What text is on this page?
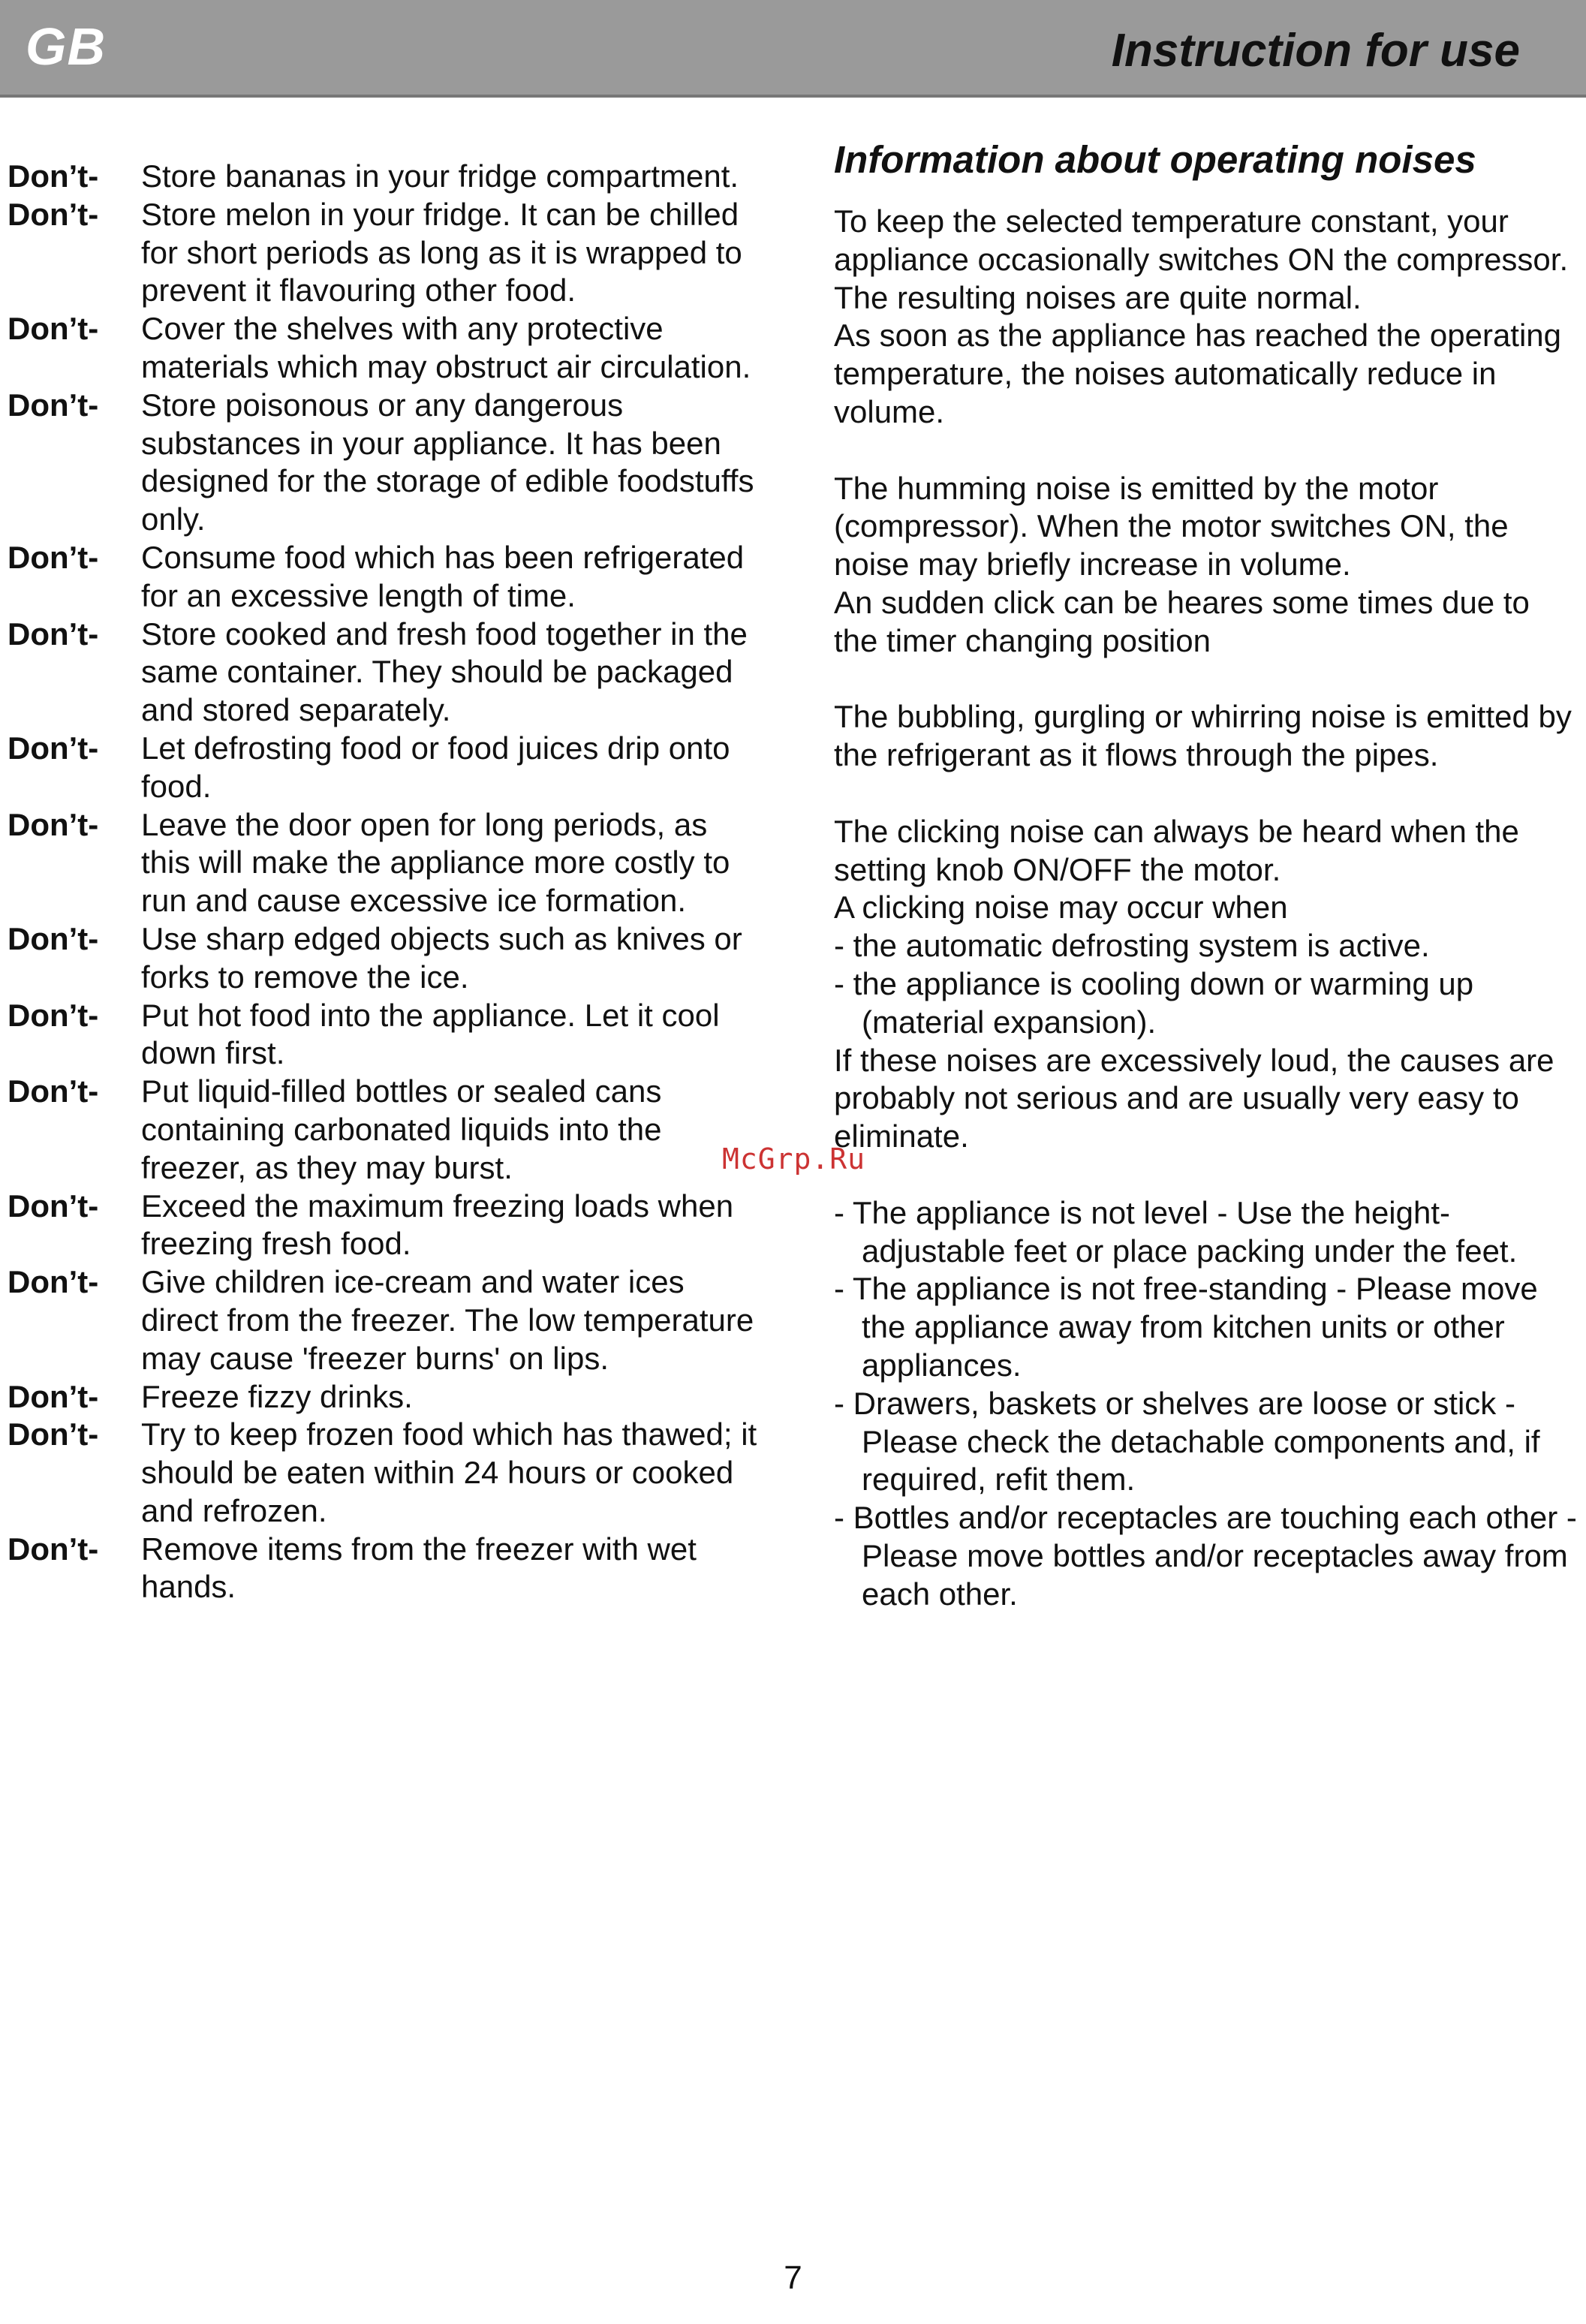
GB	Instruction for use
Don’t-	Store bananas in your fridge compartment.
Don’t-	Store melon in your fridge. It can be chilled for short periods as long as it is wrapped to prevent it flavouring other food.
Don’t-	Cover the shelves with any protective materials which may obstruct air circulation.
Don’t-	Store poisonous or any dangerous substances in your appliance. It has been designed for the storage of edible foodstuffs only.
Don’t-	Consume food which has been refrigerated for an excessive length of time.
Don’t-	Store cooked and fresh food together in the same container. They should be packaged and stored separately.
Don’t-	Let defrosting food or food juices drip onto food.
Don’t-	Leave the door open for long periods, as this will make the appliance more costly to run and cause excessive ice formation.
Don’t-	Use sharp edged objects such as knives or forks to remove the ice.
Don’t-	Put hot food into the appliance. Let it cool down first.
Don’t-	Put liquid-filled bottles or sealed cans containing carbonated liquids into the freezer, as they may burst.
Don’t-	Exceed the maximum freezing loads when freezing fresh food.
Don’t-	Give children ice-cream and water ices direct from the freezer. The low temperature may cause 'freezer burns' on lips.
Don’t-	Freeze fizzy drinks.
Don’t-	Try to keep frozen food which has thawed; it should be eaten within 24 hours or cooked and refrozen.
Don’t-	Remove items from the freezer with wet hands.
Information about operating noises

To keep the selected temperature constant, your appliance occasionally switches ON the compressor.

The resulting noises are quite normal.

As soon as the appliance has reached the operating temperature, the noises automatically reduce in volume.

The humming noise is emitted by the motor (compressor). When the motor switches ON, the noise may briefly increase in volume.

An sudden click can be heares some times due to the timer changing position

The bubbling, gurgling or whirring noise is emitted by the refrigerant as it flows through the pipes.

The clicking noise can always be heard when the setting knob ON/OFF the motor.

A clicking noise may occur when

- the automatic defrosting system is active.
- the appliance is cooling down or warming up (material expansion).

If these noises are excessively loud, the causes are probably not serious and are usually very easy to eliminate.

- The appliance is not level - Use the height-adjustable feet or place packing under the feet.
- The appliance is not free-standing - Please move the appliance away from kitchen units or other appliances.
- Drawers, baskets or shelves are loose or stick - Please check the detachable components and, if required, refit them.
- Bottles and/or receptacles are touching each other - Please move bottles and/or receptacles away from each other.
McGrp.Ru
7
